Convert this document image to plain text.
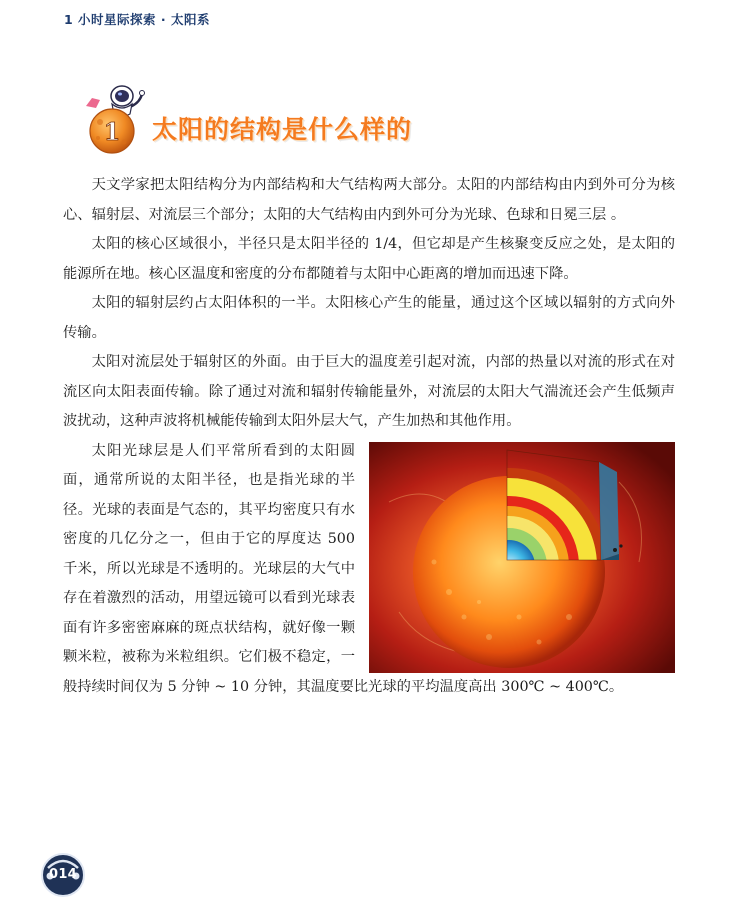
1 小时星际探索 · 太阳系
1 太阳的结构是什么样的

天文学家把太阳结构分为内部结构和大气结构两大部分。太阳的内部结构由内到外可分为核心、辐射层、对流层三个部分；太阳的大气结构由内到外可分为光球、色球和日冕三层 。

太阳的核心区域很小，半径只是太阳半径的 1/4，但它却是产生核聚变反应之处，是太阳的能源所在地。核心区温度和密度的分布都随着与太阳中心距离的增加而迅速下降。

太阳的辐射层约占太阳体积的一半。太阳核心产生的能量，通过这个区域以辐射的方式向外传输。

太阳对流层处于辐射区的外面。由于巨大的温度差引起对流，内部的热量以对流的形式在对流区向太阳表面传输。除了通过对流和辐射传输能量外，对流层的太阳大气湍流还会产生低频声波扰动，这种声波将机械能传输到太阳外层大气，产生加热和其他作用。

太阳光球层是人们平常所看到的太阳圆面，通常所说的太阳半径，也是指光球的半径。光球的表面是气态的，其平均密度只有水密度的几亿分之一，但由于它的厚度达 500 千米，所以光球是不透明的。光球层的大气中存在着激烈的活动，用望远镜可以看到光球表面有许多密密麻麻的斑点状结构，就好像一颗颗米粒，被称为米粒组织。它们极不稳定，一般持续时间仅为 5 分钟 ~ 10 分钟，其温度要比光球的平均温度高出 300℃ ~ 400℃。

014
